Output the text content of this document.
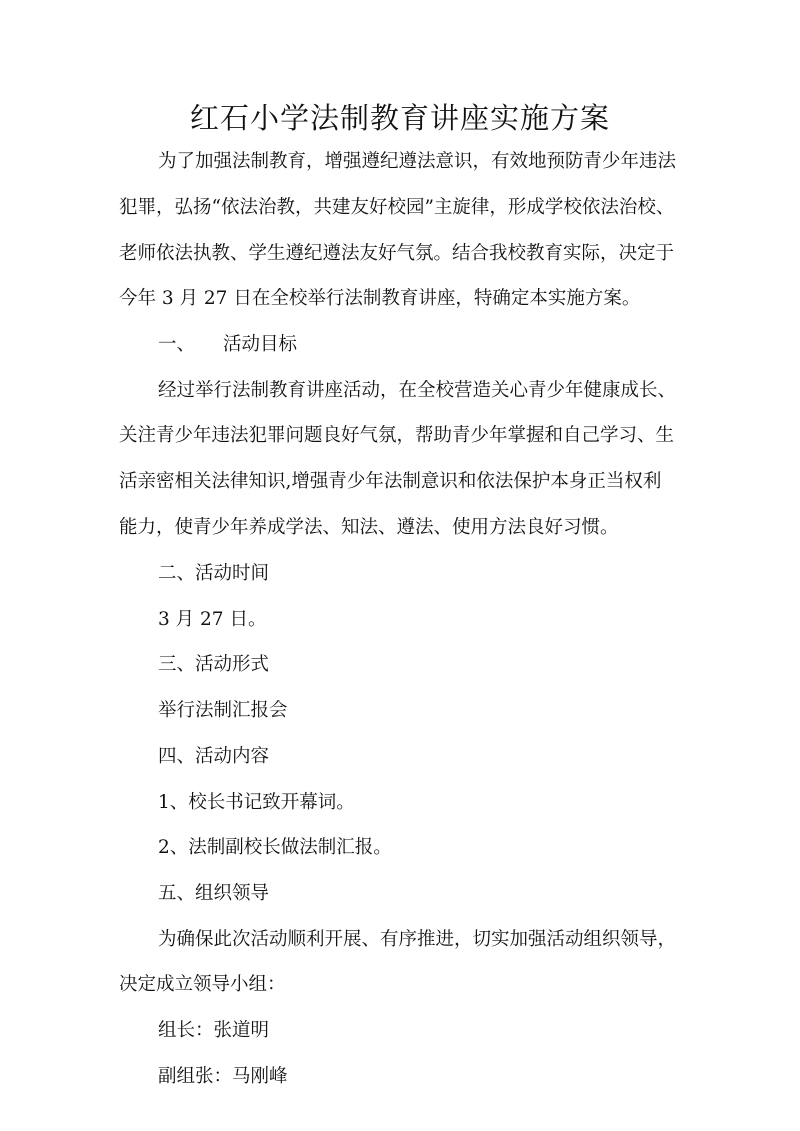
红石小学法制教育讲座实施方案
为了加强法制教育，增强遵纪遵法意识，有效地预防青少年违法
犯罪，弘扬“依法治教，共建友好校园”主旋律，形成学校依法治校、
老师依法执教、学生遵纪遵法友好气氛。结合我校教育实际，决定于
今年 3 月 27 日在全校举行法制教育讲座，特确定本实施方案。
一、 活动目标
经过举行法制教育讲座活动，在全校营造关心青少年健康成长、
关注青少年违法犯罪问题良好气氛，帮助青少年掌握和自己学习、生
活亲密相关法律知识,增强青少年法制意识和依法保护本身正当权利
能力，使青少年养成学法、知法、遵法、使用方法良好习惯。
二、活动时间
3 月 27 日。
三、活动形式
举行法制汇报会
四、活动内容
1、校长书记致开幕词。
2、法制副校长做法制汇报。
五、组织领导
为确保此次活动顺利开展、有序推进，切实加强活动组织领导，
决定成立领导小组：
组长：张道明
副组张：马刚峰
